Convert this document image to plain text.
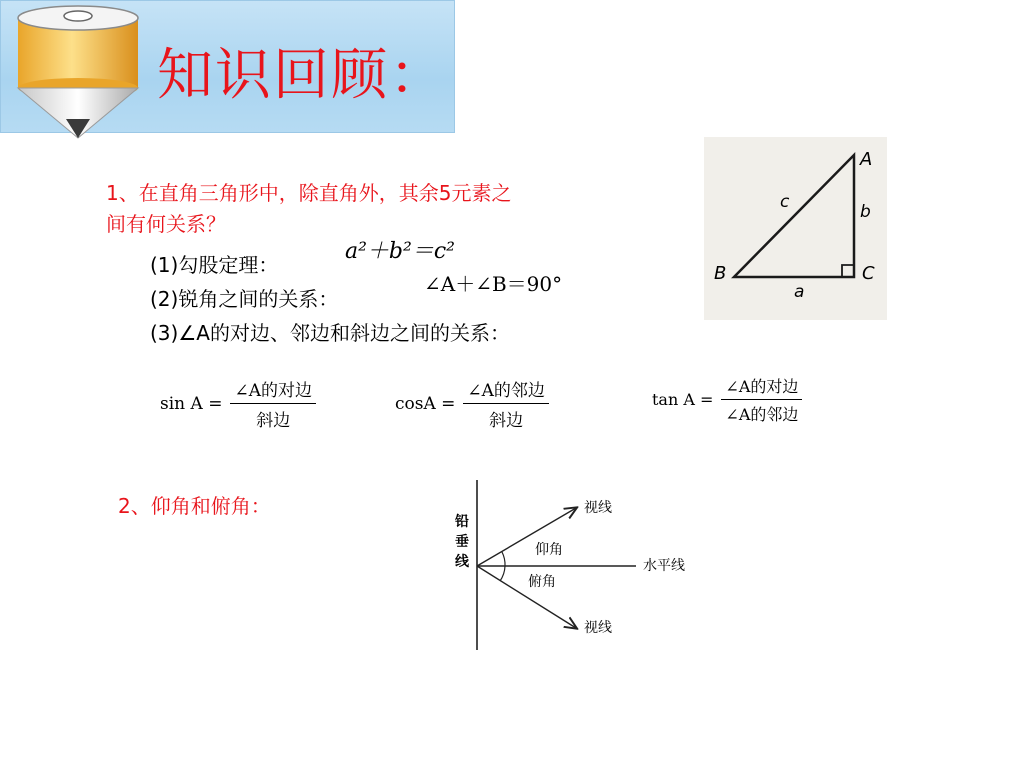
知识回顾：
1、在直角三角形中，除直角外，其余5元素之
间有何关系？
(1)勾股定理：
(2)锐角之间的关系：
(3)∠A的对边、邻边和斜边之间的关系：
a²＋b²＝c²
∠A＋∠B＝90°
A
B	C
a
b
c
$\sin A = \frac{\text{∠A的对边}}{\text{斜边}}$	$\cos A = \frac{\text{∠A的邻边}}{\text{斜边}}$	$\tan A = \frac{\text{∠A的对边}}{\text{∠A的邻边}}$
2、仰角和俯角：
铅
垂
线
视线
视线
水平线
仰角
俯角
